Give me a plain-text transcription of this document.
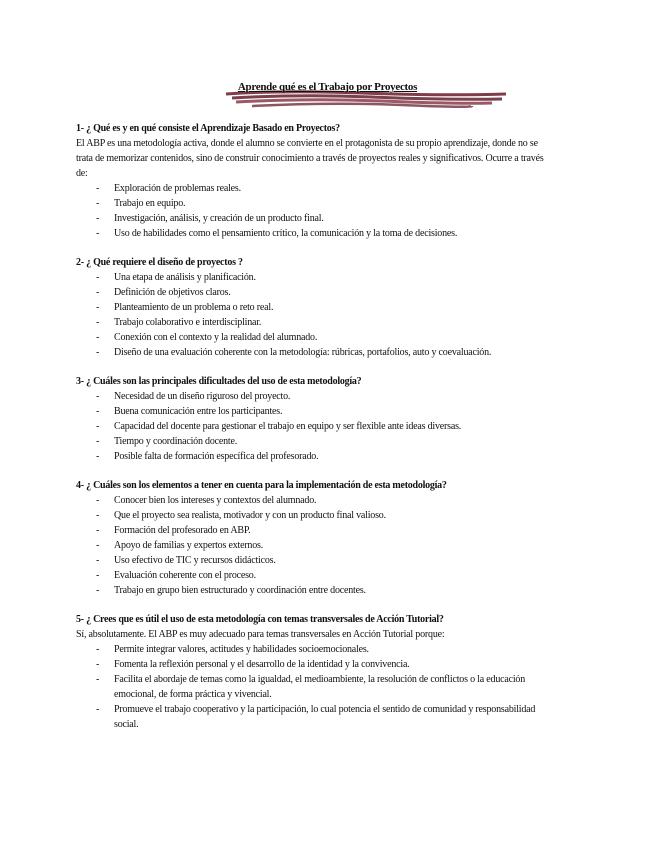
Aprende qué es el Trabajo por Proyectos
1- ¿ Qué es y en qué consiste el Aprendizaje Basado en Proyectos?
El ABP es una metodología activa, donde el alumno se convierte en el protagonista de su propio aprendizaje, donde no se trata de memorizar contenidos, sino de construir conocimiento a través de proyectos reales y significativos. Ocurre a través de:
- Exploración de problemas reales.
- Trabajo en equipo.
- Investigación, análisis, y creación de un producto final.
- Uso de habilidades como el pensamiento crítico, la comunicación y la toma de decisiones.
2- ¿ Qué requiere el diseño de proyectos ?
- Una etapa de análisis y planificación.
- Definición de objetivos claros.
- Planteamiento de un problema o reto real.
- Trabajo colaborativo e interdisciplinar.
- Conexión con el contexto y la realidad del alumnado.
- Diseño de una evaluación coherente con la metodología: rúbricas, portafolios, auto y coevaluación.
3- ¿ Cuáles son las principales dificultades del uso de esta metodología?
- Necesidad de un diseño riguroso del proyecto.
- Buena comunicación entre los participantes.
- Capacidad del docente para gestionar el trabajo en equipo y ser flexible ante ideas diversas.
- Tiempo y coordinación docente.
- Posible falta de formación específica del profesorado.
4- ¿ Cuáles son los elementos a tener en cuenta para la implementación de esta metodología?
- Conocer bien los intereses y contextos del alumnado.
- Que el proyecto sea realista, motivador y con un producto final valioso.
- Formación del profesorado en ABP.
- Apoyo de familias y expertos externos.
- Uso efectivo de TIC y recursos didácticos.
- Evaluación coherente con el proceso.
- Trabajo en grupo bien estructurado y coordinación entre docentes.
5- ¿ Crees que es útil el uso de esta metodología con temas transversales de Acción Tutorial?
Sí, absolutamente. El ABP es muy adecuado para temas transversales en Acción Tutorial porque:
- Permite integrar valores, actitudes y habilidades socioemocionales.
- Fomenta la reflexión personal y el desarrollo de la identidad y la convivencia.
- Facilita el abordaje de temas como la igualdad, el medioambiente, la resolución de conflictos o la educación emocional, de forma práctica y vivencial.
- Promueve el trabajo cooperativo y la participación, lo cual potencia el sentido de comunidad y responsabilidad social.
